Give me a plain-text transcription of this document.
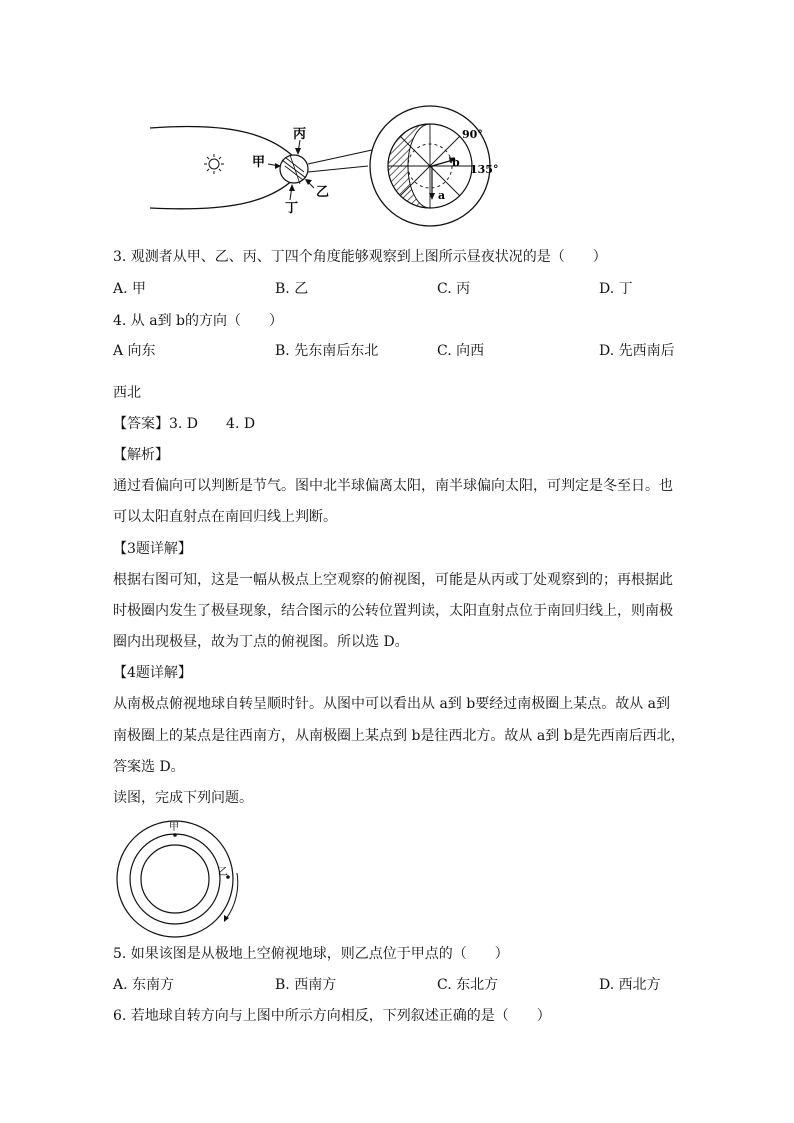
丙
甲
乙
丁
90°
135°
a
b
3. 观测者从甲、乙、丙、丁四个角度能够观察到上图所示昼夜状况的是（　　）
A. 甲	B. 乙	C. 丙	D. 丁
4. 从 a到 b的方向（　　）
A 向东	B. 先东南后东北	C. 向西	D. 先西南后
西北
【答案】3. D　　4. D
【解析】
通过看偏向可以判断是节气。图中北半球偏离太阳，南半球偏向太阳，可判定是冬至日。也
可以太阳直射点在南回归线上判断。
【3题详解】
根据右图可知，这是一幅从极点上空观察的俯视图，可能是从丙或丁处观察到的；再根据此
时极圈内发生了极昼现象，结合图示的公转位置判读，太阳直射点位于南回归线上，则南极
圈内出现极昼，故为丁点的俯视图。所以选 D。
【4题详解】
从南极点俯视地球自转呈顺时针。从图中可以看出从 a到 b要经过南极圈上某点。故从 a到
南极圈上的某点是往西南方，从南极圈上某点到 b是往西北方。故从 a到 b是先西南后西北，
答案选 D。
读图，完成下列问题。
甲
乙
5. 如果该图是从极地上空俯视地球，则乙点位于甲点的（　　）
A. 东南方	B. 西南方	C. 东北方	D. 西北方
6. 若地球自转方向与上图中所示方向相反，下列叙述正确的是（　　）
